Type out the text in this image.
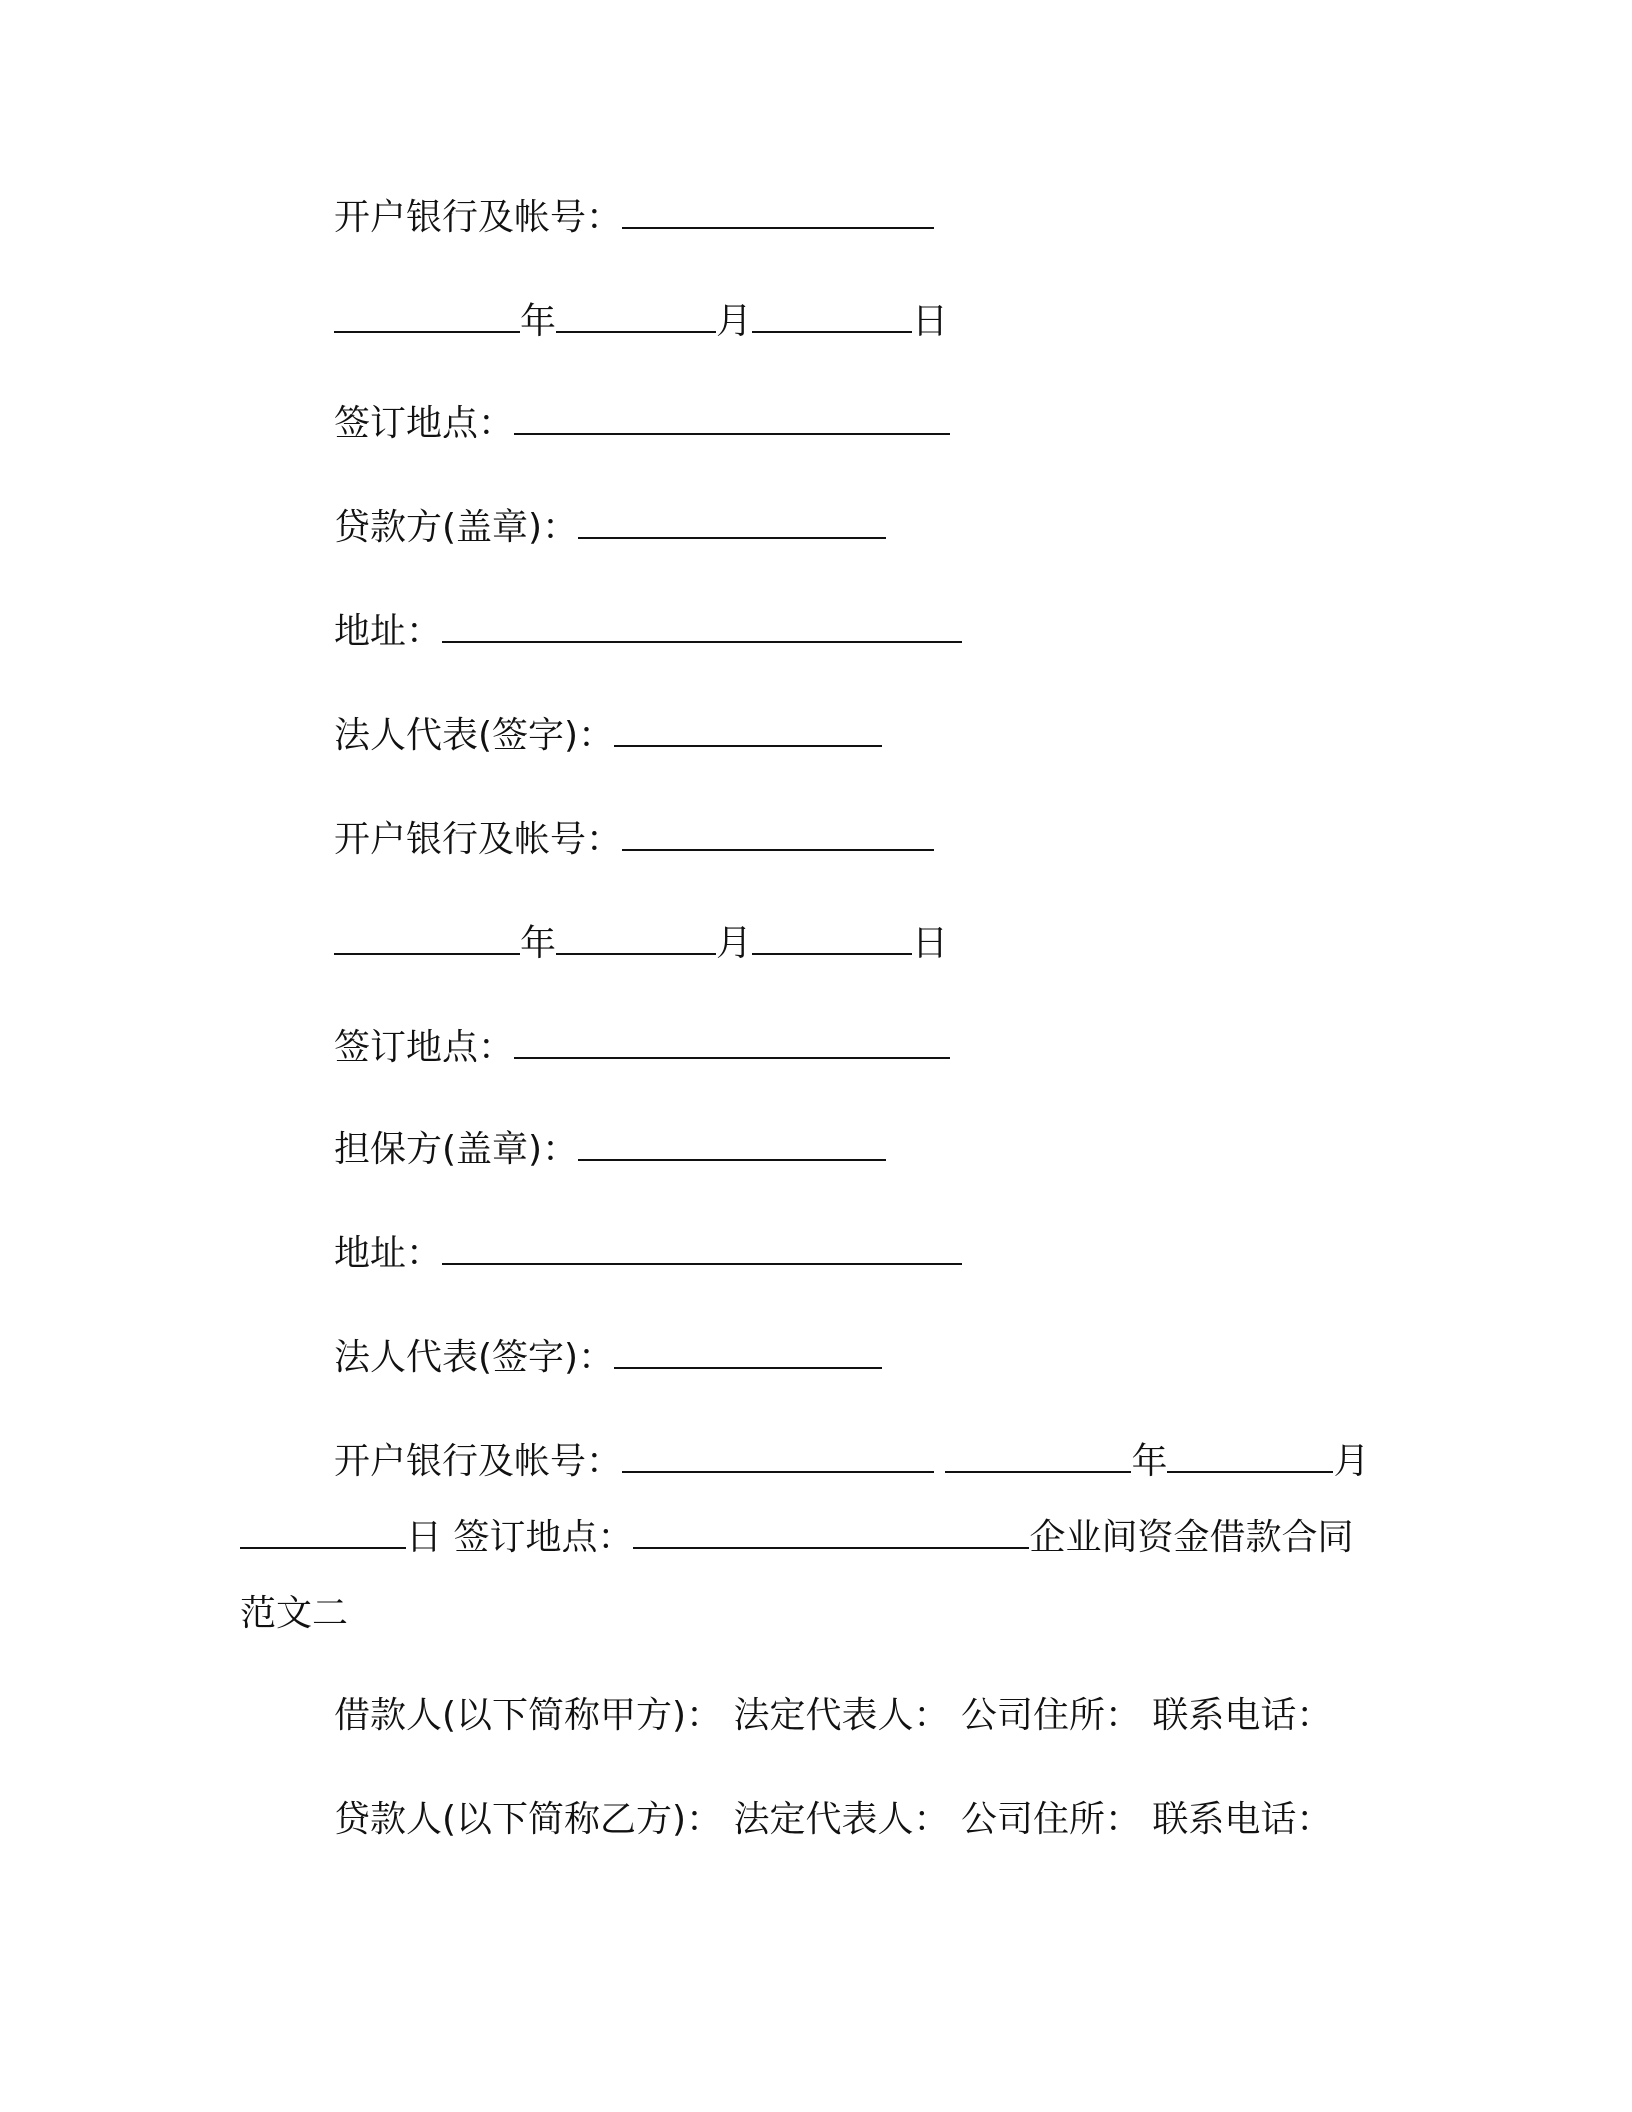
开户银行及帐号：
年	月	日
签订地点：
贷款方(盖章)：
地址：
法人代表(签字)：
开户银行及帐号：
年	月	日
签订地点：
担保方(盖章)：
地址：
法人代表(签字)：
开户银行及帐号：	年	月
日 签订地点：	企业间资金借款合同
范文二
借款人(以下简称甲方)： 法定代表人： 公司住所： 联系电话：
贷款人(以下简称乙方)： 法定代表人： 公司住所： 联系电话：
